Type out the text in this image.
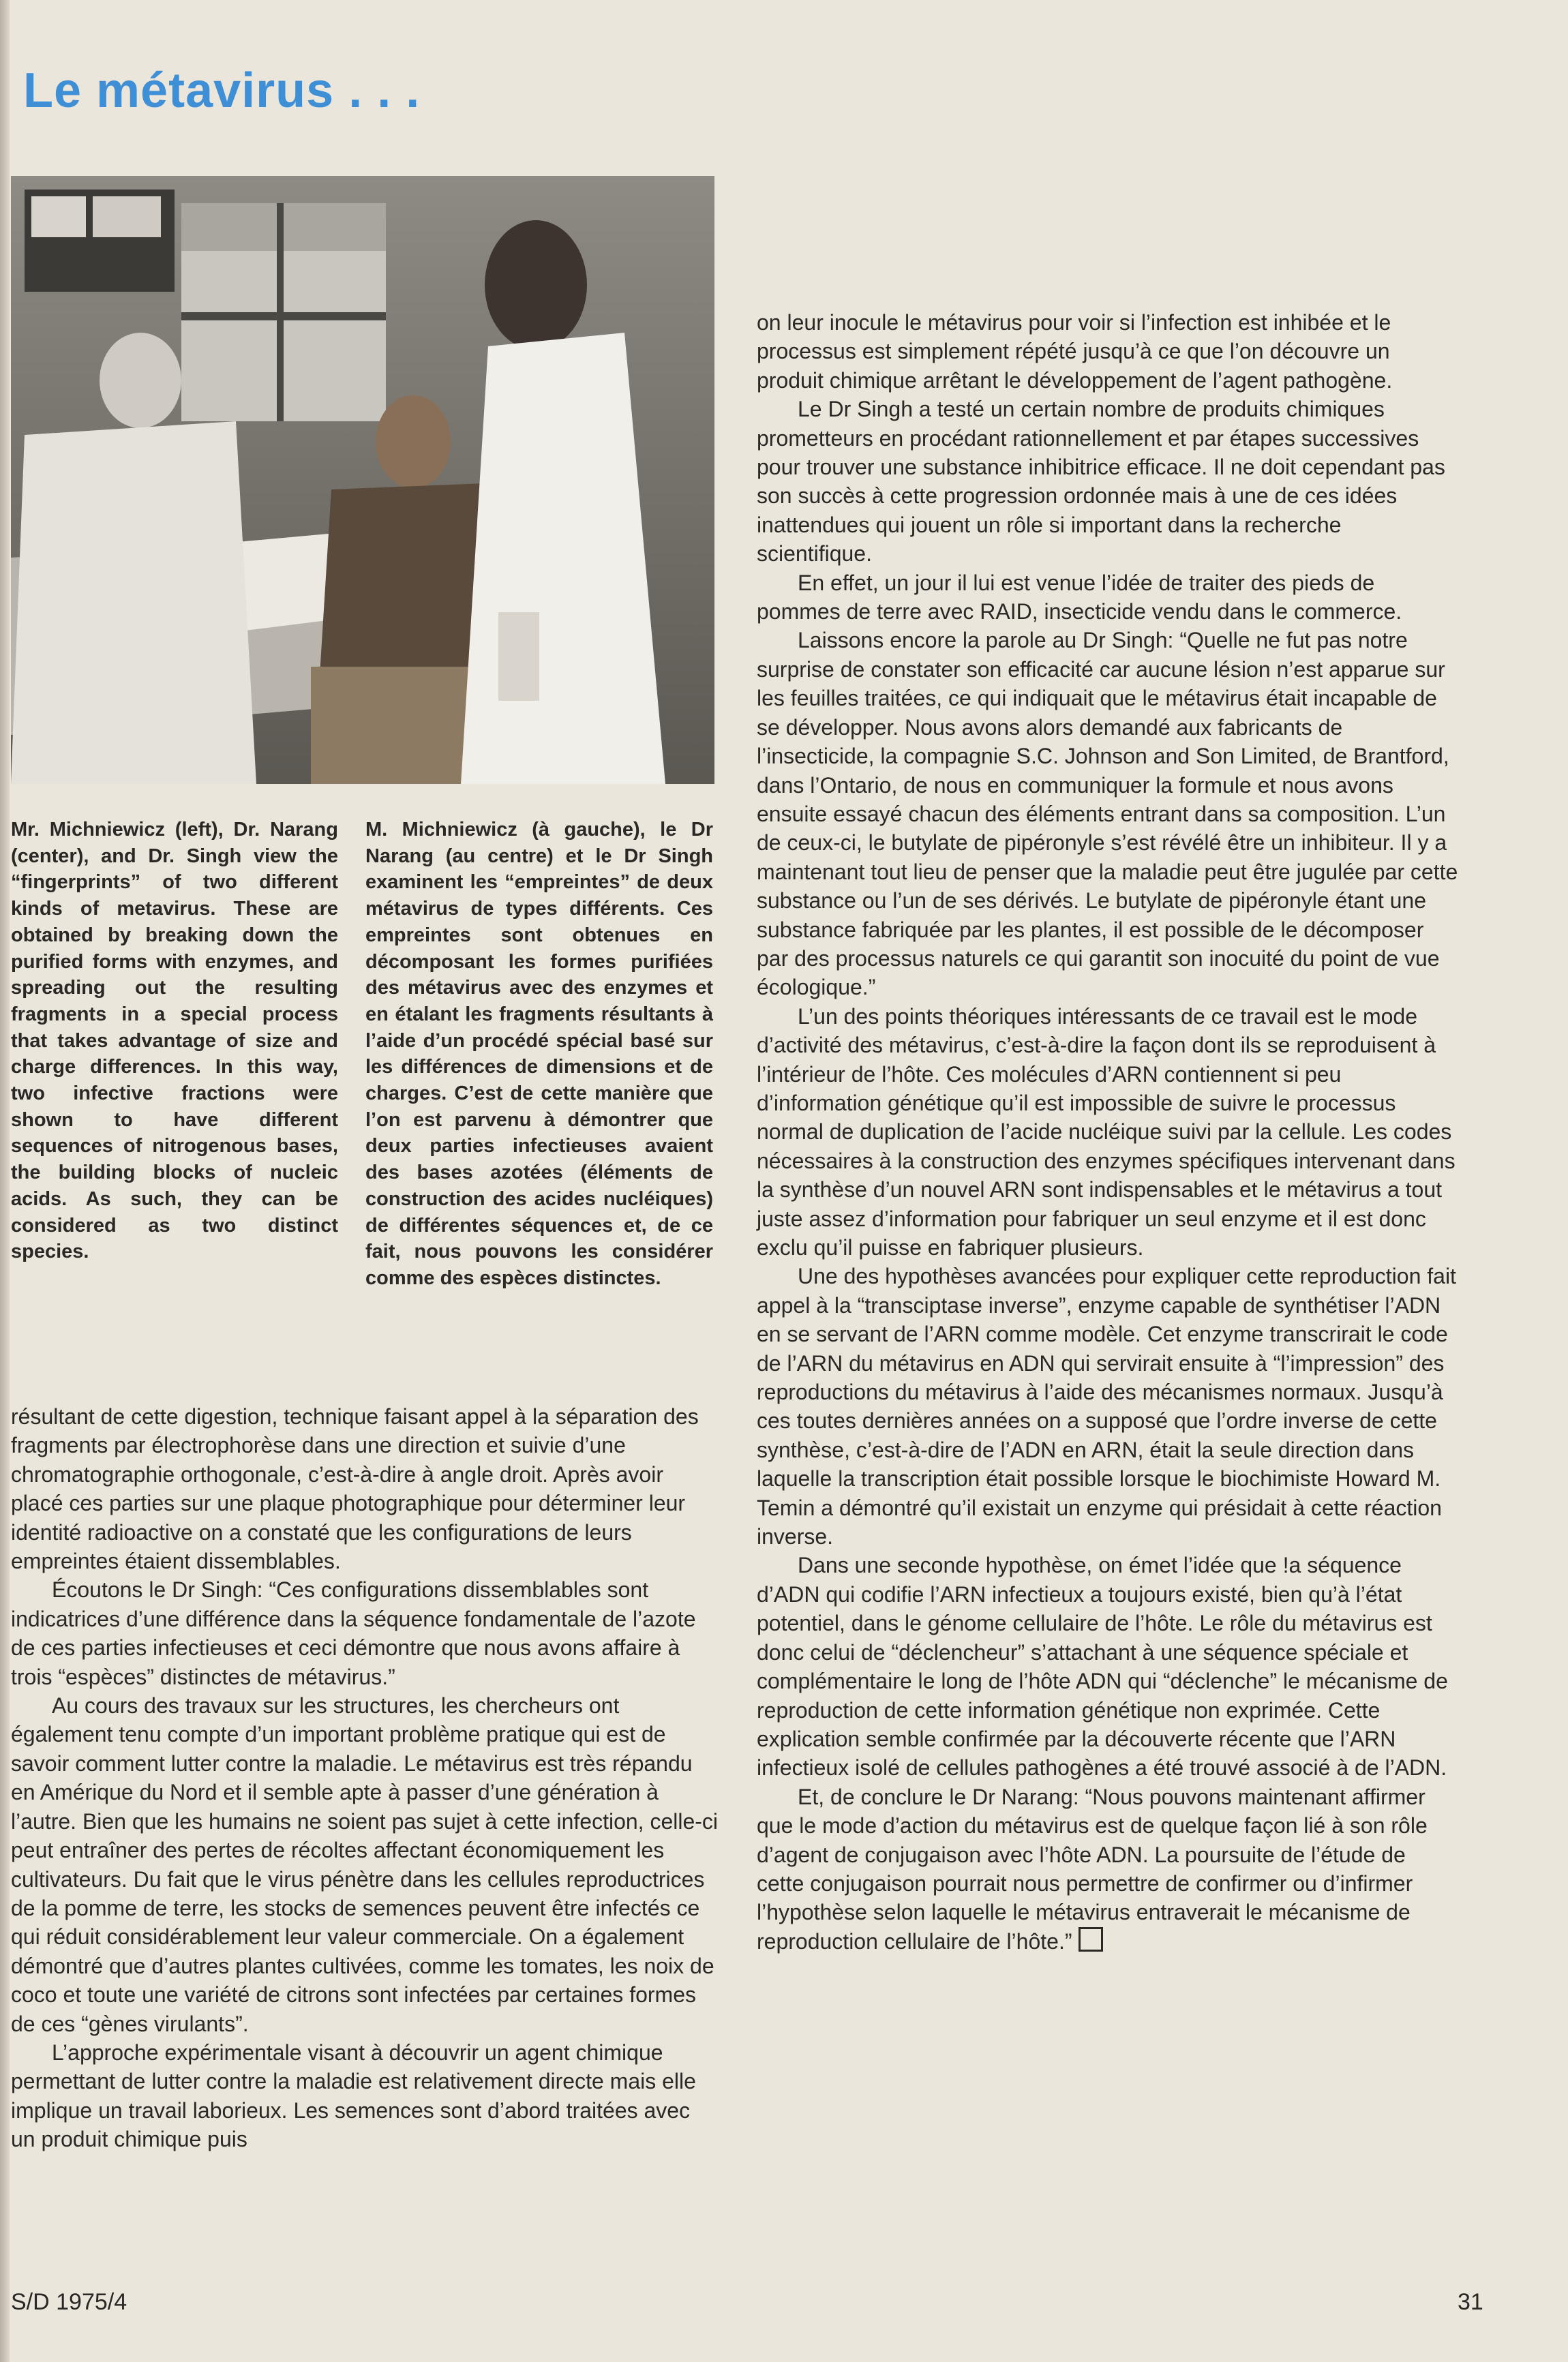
Le métavirus . . .

Mr. Michniewicz (left), Dr. Narang (center), and Dr. Singh view the “fingerprints” of two different kinds of metavirus. These are obtained by breaking down the purified forms with enzymes, and spreading out the resulting fragments in a special process that takes advantage of size and charge differences. In this way, two infective fractions were shown to have different sequences of nitrogenous bases, the building blocks of nucleic acids. As such, they can be considered as two distinct species.

M. Michniewicz (à gauche), le Dr Narang (au centre) et le Dr Singh examinent les “empreintes” de deux métavirus de types différents. Ces empreintes sont obtenues en décomposant les formes purifiées des métavirus avec des enzymes et en étalant les fragments résultants à l’aide d’un procédé spécial basé sur les différences de dimensions et de charges. C’est de cette manière que l’on est parvenu à démontrer que deux parties infectieuses avaient des bases azotées (éléments de construction des acides nucléiques) de différentes séquences et, de ce fait, nous pouvons les considérer comme des espèces distinctes.

résultant de cette digestion, technique faisant appel à la séparation des fragments par électrophorèse dans une direction et suivie d’une chromatographie orthogonale, c’est-à-dire à angle droit. Après avoir placé ces parties sur une plaque photographique pour déterminer leur identité radioactive on a constaté que les configurations de leurs empreintes étaient dissemblables.

Écoutons le Dr Singh: “Ces configurations dissemblables sont indicatrices d’une différence dans la séquence fondamentale de l’azote de ces parties infectieuses et ceci démontre que nous avons affaire à trois “espèces” distinctes de métavirus.”

Au cours des travaux sur les structures, les chercheurs ont également tenu compte d’un important problème pratique qui est de savoir comment lutter contre la maladie. Le métavirus est très répandu en Amérique du Nord et il semble apte à passer d’une génération à l’autre. Bien que les humains ne soient pas sujet à cette infection, celle-ci peut entraîner des pertes de récoltes affectant économiquement les cultivateurs. Du fait que le virus pénètre dans les cellules reproductrices de la pomme de terre, les stocks de semences peuvent être infectés ce qui réduit considérablement leur valeur commerciale. On a également démontré que d’autres plantes cultivées, comme les tomates, les noix de coco et toute une variété de citrons sont infectées par certaines formes de ces “gènes virulants”.

L’approche expérimentale visant à découvrir un agent chimique permettant de lutter contre la maladie est relativement directe mais elle implique un travail laborieux. Les semences sont d’abord traitées avec un produit chimique puis

on leur inocule le métavirus pour voir si l’infection est inhibée et le processus est simplement répété jusqu’à ce que l’on découvre un produit chimique arrêtant le développement de l’agent pathogène.

Le Dr Singh a testé un certain nombre de produits chimiques prometteurs en procédant rationnellement et par étapes successives pour trouver une substance inhibitrice efficace. Il ne doit cependant pas son succès à cette progression ordonnée mais à une de ces idées inattendues qui jouent un rôle si important dans la recherche scientifique.

En effet, un jour il lui est venue l’idée de traiter des pieds de pommes de terre avec RAID, insecticide vendu dans le commerce.

Laissons encore la parole au Dr Singh: “Quelle ne fut pas notre surprise de constater son efficacité car aucune lésion n’est apparue sur les feuilles traitées, ce qui indiquait que le métavirus était incapable de se développer. Nous avons alors demandé aux fabricants de l’insecticide, la compagnie S.C. Johnson and Son Limited, de Brantford, dans l’Ontario, de nous en communiquer la formule et nous avons ensuite essayé chacun des éléments entrant dans sa composition. L’un de ceux-ci, le butylate de pipéronyle s’est révélé être un inhibiteur. Il y a maintenant tout lieu de penser que la maladie peut être jugulée par cette substance ou l’un de ses dérivés. Le butylate de pipéronyle étant une substance fabriquée par les plantes, il est possible de le décomposer par des processus naturels ce qui garantit son inocuité du point de vue écologique.”

L’un des points théoriques intéressants de ce travail est le mode d’activité des métavirus, c’est-à-dire la façon dont ils se reproduisent à l’intérieur de l’hôte. Ces molécules d’ARN contiennent si peu d’information génétique qu’il est impossible de suivre le processus normal de duplication de l’acide nucléique suivi par la cellule. Les codes nécessaires à la construction des enzymes spécifiques intervenant dans la synthèse d’un nouvel ARN sont indispensables et le métavirus a tout juste assez d’information pour fabriquer un seul enzyme et il est donc exclu qu’il puisse en fabriquer plusieurs.

Une des hypothèses avancées pour expliquer cette reproduction fait appel à la “transciptase inverse”, enzyme capable de synthétiser l’ADN en se servant de l’ARN comme modèle. Cet enzyme transcrirait le code de l’ARN du métavirus en ADN qui servirait ensuite à “l’impression” des reproductions du métavirus à l’aide des mécanismes normaux. Jusqu’à ces toutes dernières années on a supposé que l’ordre inverse de cette synthèse, c’est-à-dire de l’ADN en ARN, était la seule direction dans laquelle la transcription était possible lorsque le biochimiste Howard M. Temin a démontré qu’il existait un enzyme qui présidait à cette réaction inverse.

Dans une seconde hypothèse, on émet l’idée que !a séquence d’ADN qui codifie l’ARN infectieux a toujours existé, bien qu’à l’état potentiel, dans le génome cellulaire de l’hôte. Le rôle du métavirus est donc celui de “déclencheur” s’attachant à une séquence spéciale et complémentaire le long de l’hôte ADN qui “déclenche” le mécanisme de reproduction de cette information génétique non exprimée. Cette explication semble confirmée par la découverte récente que l’ARN infectieux isolé de cellules pathogènes a été trouvé associé à de l’ADN.

Et, de conclure le Dr Narang: “Nous pouvons maintenant affirmer que le mode d’action du métavirus est de quelque façon lié à son rôle d’agent de conjugaison avec l’hôte ADN. La poursuite de l’étude de cette conjugaison pourrait nous permettre de confirmer ou d’infirmer l’hypothèse selon laquelle le métavirus entraverait le mécanisme de reproduction cellulaire de l’hôte.”

S/D 1975/4	31
